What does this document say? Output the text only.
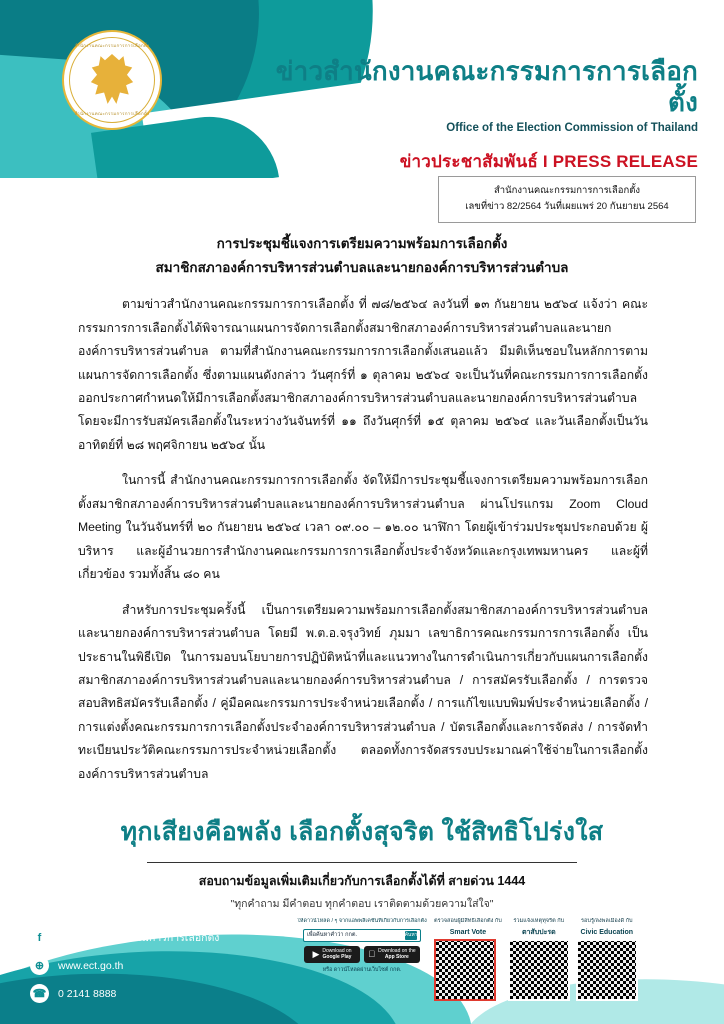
สำนักงานคณะกรรมการการเลือกตั้ง
สำนักงานคณะกรรมการการเลือกตั้ง
ข่าวสำนักงานคณะกรรมการการเลือกตั้ง
Office of the Election Commission of Thailand
ข่าวประชาสัมพันธ์ I PRESS RELEASE
สำนักงานคณะกรรมการการเลือกตั้ง
เลขที่ข่าว 82/2564 วันที่เผยแพร่ 20 กันยายน 2564
การประชุมชี้แจงการเตรียมความพร้อมการเลือกตั้ง
สมาชิกสภาองค์การบริหารส่วนตำบลและนายกองค์การบริหารส่วนตำบล

ตามข่าวสำนักงานคณะกรรมการการเลือกตั้ง ที่ ๗๘/๒๕๖๔ ลงวันที่ ๑๓ กันยายน ๒๕๖๔ แจ้งว่า คณะกรรมการการเลือกตั้งได้พิจารณาแผนการจัดการเลือกตั้งสมาชิกสภาองค์การบริหารส่วนตำบลและนายกองค์การบริหารส่วนตำบล ตามที่สำนักงานคณะกรรมการการเลือกตั้งเสนอแล้ว มีมติเห็นชอบในหลักการตามแผนการจัดการเลือกตั้ง ซึ่งตามแผนดังกล่าว วันศุกร์ที่ ๑ ตุลาคม ๒๕๖๔ จะเป็นวันที่คณะกรรมการการเลือกตั้งออกประกาศกำหนดให้มีการเลือกตั้งสมาชิกสภาองค์การบริหารส่วนตำบลและนายกองค์การบริหารส่วนตำบล โดยจะมีการรับสมัครเลือกตั้งในระหว่างวันจันทร์ที่ ๑๑ ถึงวันศุกร์ที่ ๑๕ ตุลาคม ๒๕๖๔ และวันเลือกตั้งเป็นวันอาทิตย์ที่ ๒๘ พฤศจิกายน ๒๕๖๔ นั้น

ในการนี้ สำนักงานคณะกรรมการการเลือกตั้ง จัดให้มีการประชุมชี้แจงการเตรียมความพร้อมการเลือกตั้งสมาชิกสภาองค์การบริหารส่วนตำบลและนายกองค์การบริหารส่วนตำบล ผ่านโปรแกรม Zoom Cloud Meeting ในวันจันทร์ที่ ๒๐ กันยายน ๒๕๖๔ เวลา ๐๙.๐๐ – ๑๒.๐๐ นาฬิกา โดยผู้เข้าร่วมประชุมประกอบด้วย ผู้บริหาร และผู้อำนวยการสำนักงานคณะกรรมการการเลือกตั้งประจำจังหวัดและกรุงเทพมหานคร และผู้ที่เกี่ยวข้อง รวมทั้งสิ้น ๘๐ คน

สำหรับการประชุมครั้งนี้ เป็นการเตรียมความพร้อมการเลือกตั้งสมาชิกสภาองค์การบริหารส่วนตำบลและนายกองค์การบริหารส่วนตำบล โดยมี พ.ต.อ.จรุงวิทย์ ภุมมา เลขาธิการคณะกรรมการการเลือกตั้ง เป็นประธานในพิธีเปิด ในการมอบนโยบายการปฏิบัติหน้าที่และแนวทางในการดำเนินการเกี่ยวกับแผนการเลือกตั้งสมาชิกสภาองค์การบริหารส่วนตำบลและนายกองค์การบริหารส่วนตำบล / การสมัครรับเลือกตั้ง / การตรวจสอบสิทธิสมัครรับเลือกตั้ง / คู่มือคณะกรรมการประจำหน่วยเลือกตั้ง / การแก้ไขแบบพิมพ์ประจำหน่วยเลือกตั้ง / การแต่งตั้งคณะกรรมการการเลือกตั้งประจำองค์การบริหารส่วนตำบล / บัตรเลือกตั้งและการจัดส่ง / การจัดทำทะเบียนประวัติคณะกรรมการประจำหน่วยเลือกตั้ง ตลอดทั้งการจัดสรรงบประมาณค่าใช้จ่ายในการเลือกตั้งองค์การบริหารส่วนตำบล

ทุกเสียงคือพลัง เลือกตั้งสุจริต ใช้สิทธิโปร่งใส
สอบถามข้อมูลเพิ่มเติมเกี่ยวกับการเลือกตั้งได้ที่ สายด่วน 1444
"ทุกคำถาม มีคำตอบ ทุกคำตอบ เราติดตามด้วยความใส่ใจ"
f	สำนักงานคณะกรรมการการเลือกตั้ง
⊕	www.ect.go.th
☎ 0 2141 8888
ให้ดาวน์โหลด / ๆ จากแอพพลิเคชั่นที่เกี่ยวกับการเลือกตั้ง
เพื่อค้นหาคำว่า กกต.	ค้นหา
▶ Download on
Google Play
Download on the
App Store
หรือ ดาวน์โหลดผ่านเว็บไซต์ กกต.
ตรวจสอบผู้มีสิทธิเลือกตั้ง กับ
Smart Vote
ร่วมแจ้งเหตุทุจริต กับ
ตาสับปะรด
รอบรู้/ลงพลเมืองดี กับ
Civic Education
